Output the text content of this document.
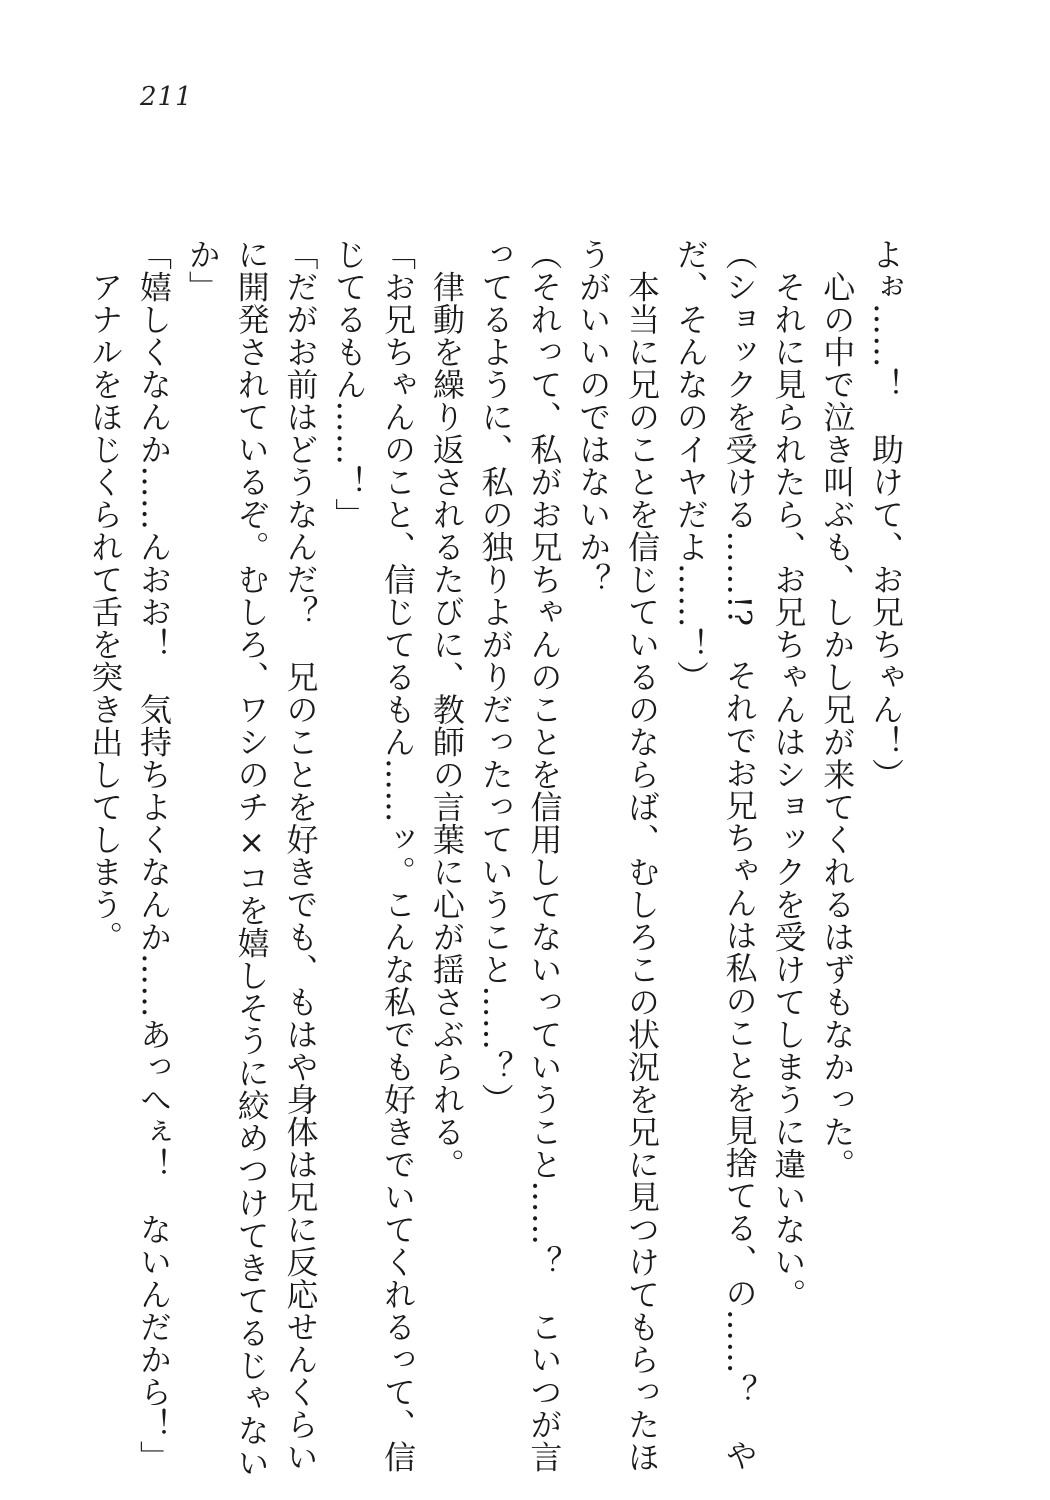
211
よぉ……！　助けて、お兄ちゃん！）
　心の中で泣き叫ぶも、しかし兄が来てくれるはずもなかった。
　それに見られたら、お兄ちゃんはショックを受けてしまうに違いない。
（ショックを受ける……!?　それでお兄ちゃんは私のことを見捨てる、の……？　や
だ、そんなのイヤだよ……！）
　本当に兄のことを信じているのならば、むしろこの状況を兄に見つけてもらったほ
うがいいのではないか？
（それって、私がお兄ちゃんのことを信用してないっていうこと……？　こいつが言
ってるように、私の独りよがりだったっていうこと……？）
　律動を繰り返されるたびに、教師の言葉に心が揺さぶられる。
「お兄ちゃんのこと、信じてるもん……ッ。こんな私でも好きでいてくれるって、信
じてるもん……！」
「だがお前はどうなんだ？　兄のことを好きでも、もはや身体は兄に反応せんくらい
に開発されているぞ。むしろ、ワシのチ×コを嬉しそうに絞めつけてきてるじゃない
か」
「嬉しくなんか……んおお！　気持ちよくなんか……あっへぇ！　ないんだから！」
　アナルをほじくられて舌を突き出してしまう。
